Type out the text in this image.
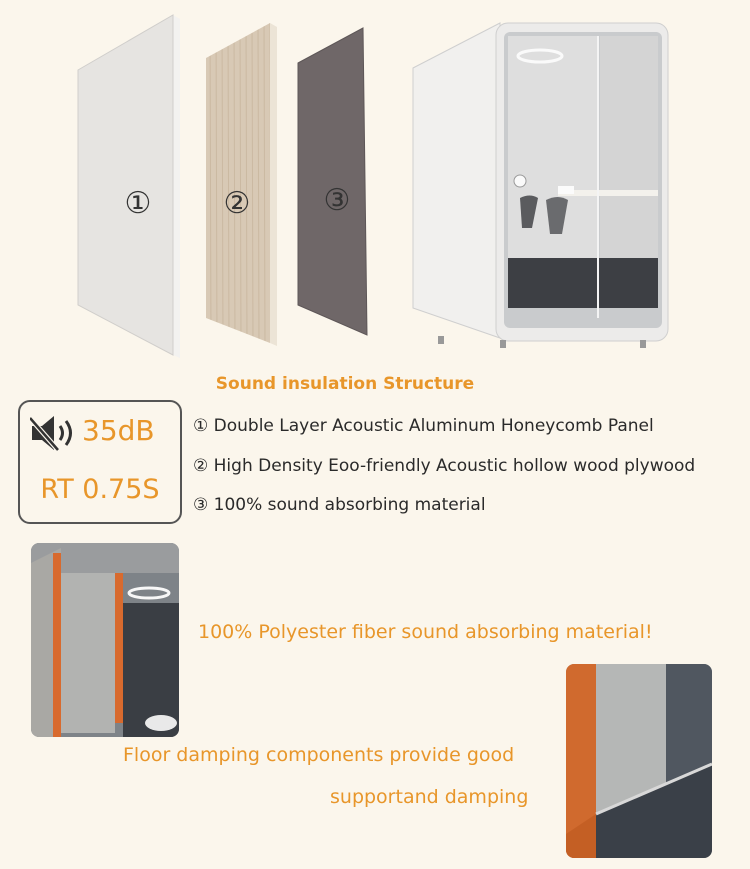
① ② ③
Sound insulation Structure
35dB
RT 0.75S
① Double Layer Acoustic Aluminum Honeycomb Panel
② High Density Eoo-friendly Acoustic hollow wood plywood
③ 100% sound absorbing material
100% Polyester fiber sound absorbing material!
Floor damping components provide good
supportand damping
